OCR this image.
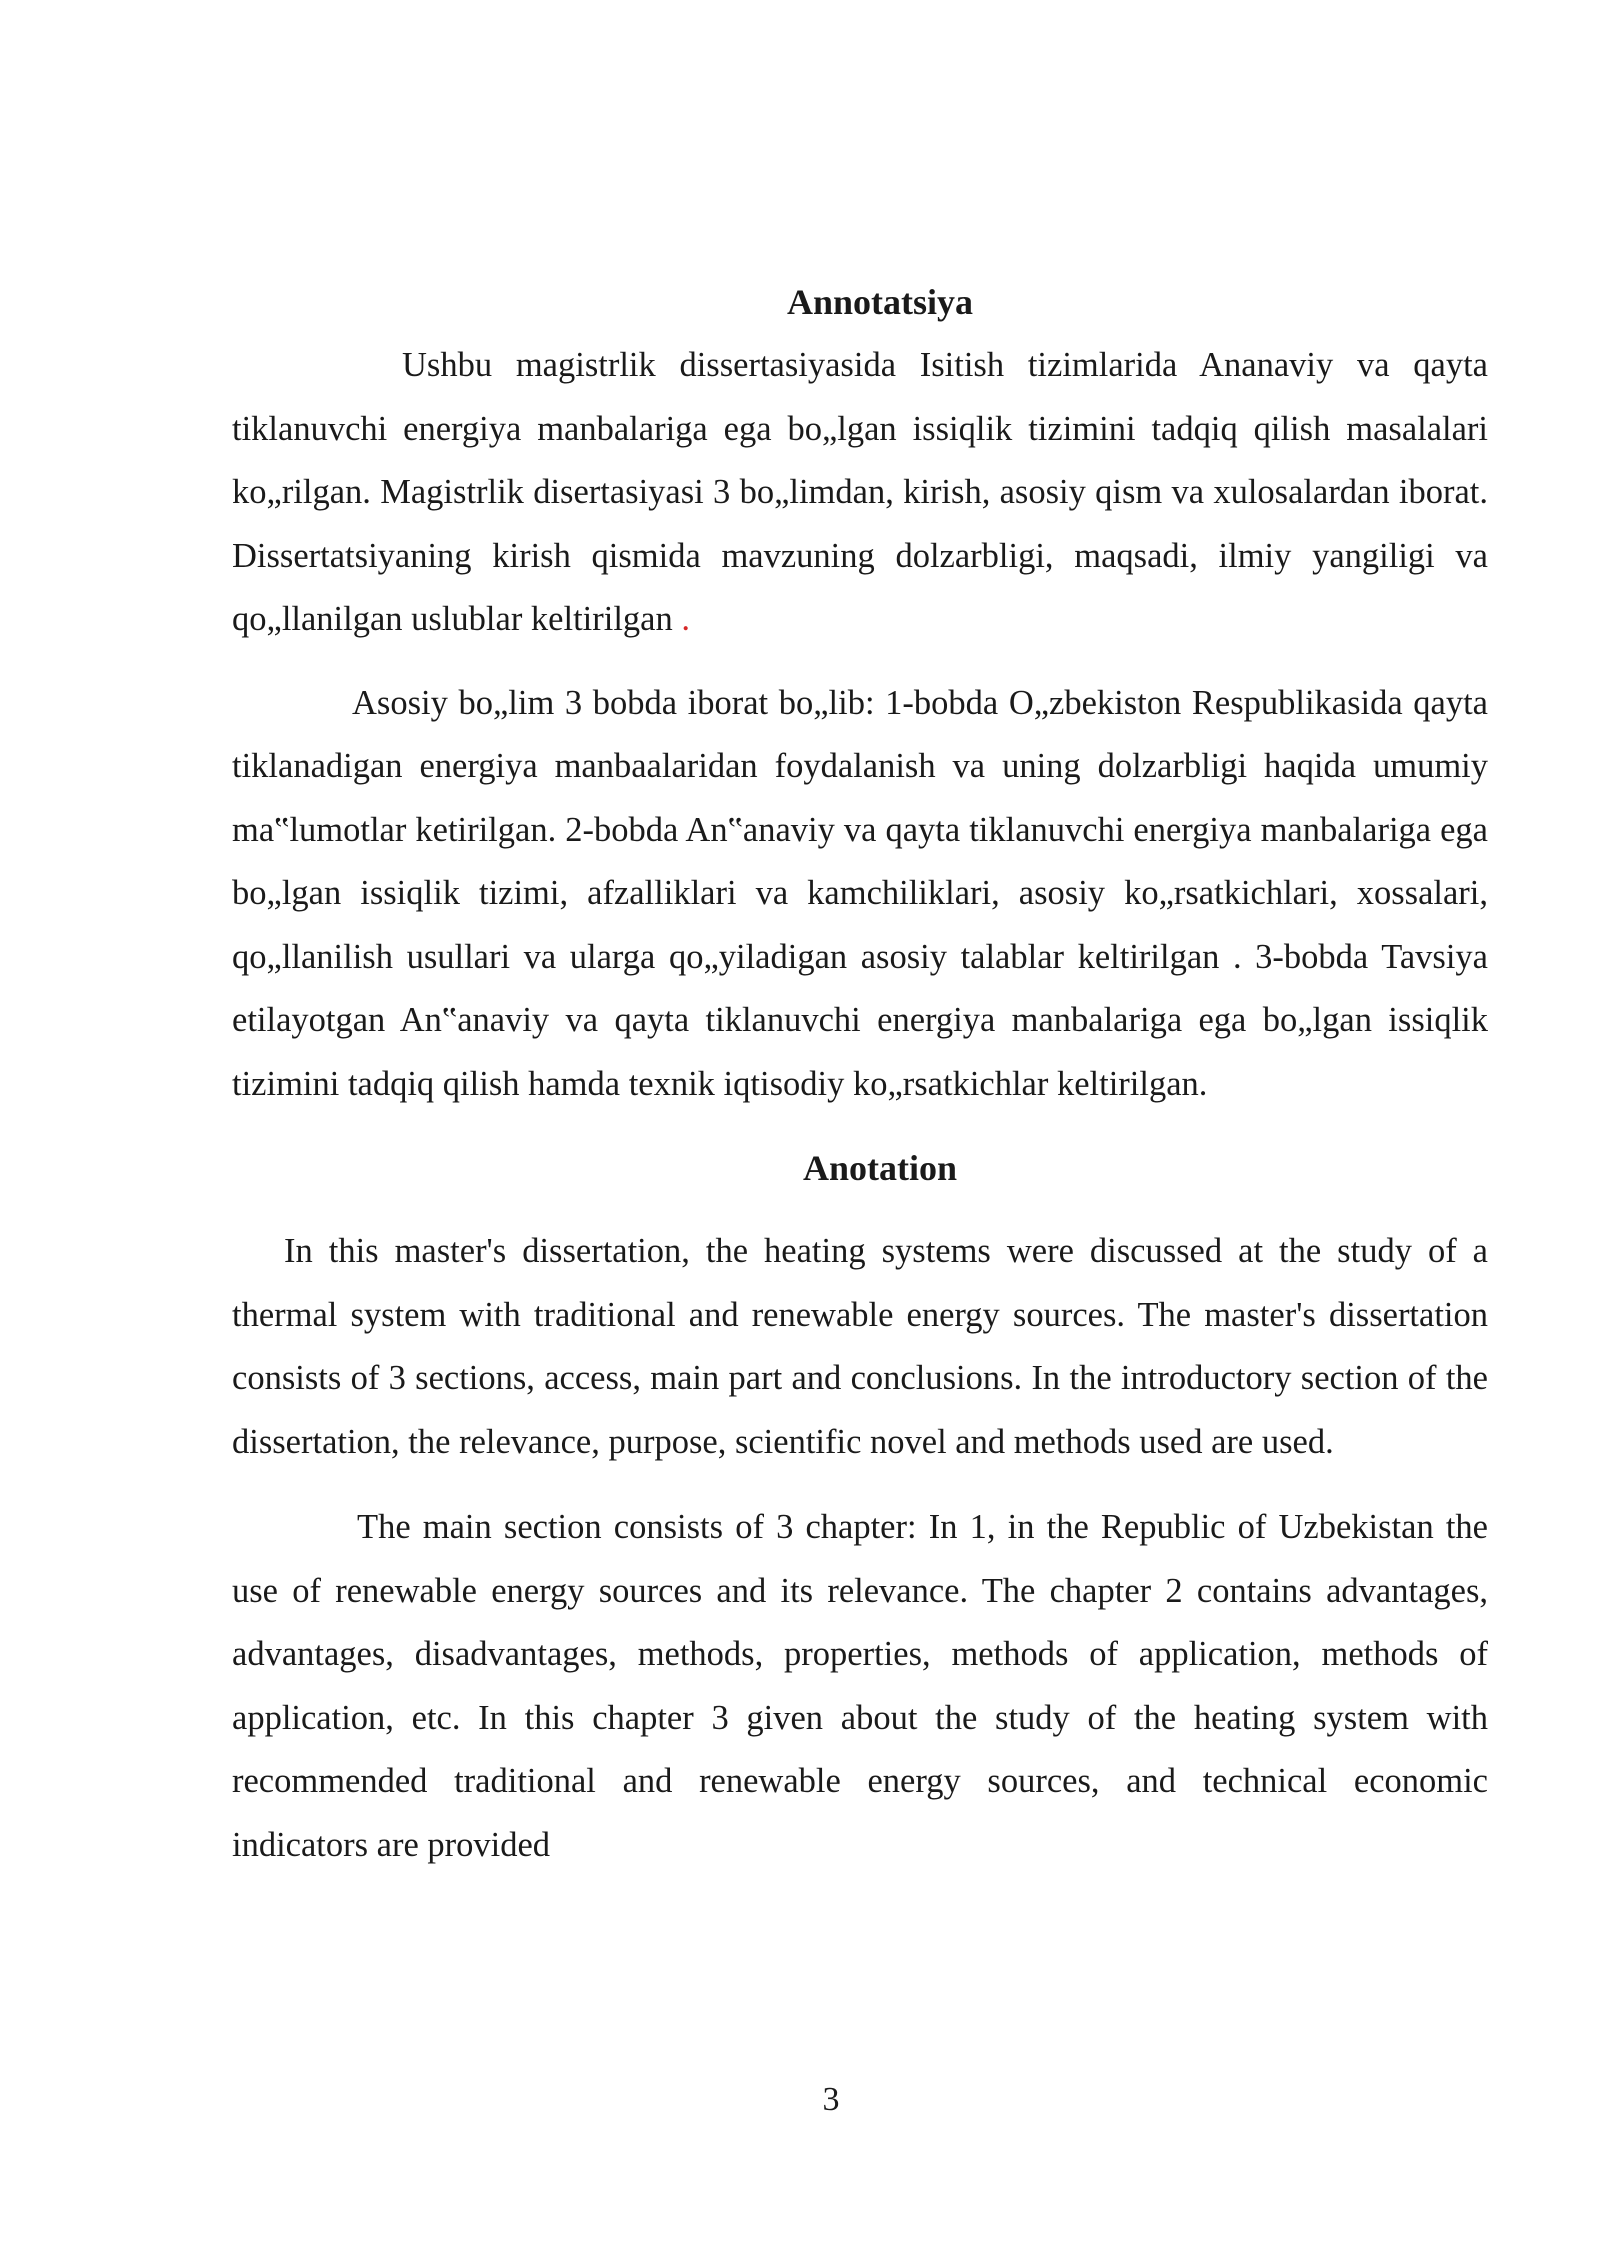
Annotatsiya

Ushbu magistrlik dissertasiyasida Isitish tizimlarida Ananaviy va qayta tiklanuvchi energiya manbalariga ega bo„lgan issiqlik tizimini tadqiq qilish masalalari ko„rilgan. Magistrlik disertasiyasi 3 bo„limdan, kirish, asosiy qism va xulosalardan iborat. Dissertatsiyaning kirish qismida mavzuning dolzarbligi, maqsadi, ilmiy yangiligi va qo„llanilgan uslublar keltirilgan .

Asosiy bo„lim 3 bobda iborat bo„lib: 1-bobda O„zbekiston Respublikasida qayta tiklanadigan energiya manbaalaridan foydalanish va uning dolzarbligi haqida umumiy ma‟lumotlar ketirilgan. 2-bobda An‟anaviy va qayta tiklanuvchi energiya manbalariga ega bo„lgan issiqlik tizimi, afzalliklari va kamchiliklari, asosiy ko„rsatkichlari, xossalari, qo„llanilish usullari va ularga qo„yiladigan asosiy talablar keltirilgan . 3-bobda Tavsiya etilayotgan An‟anaviy va qayta tiklanuvchi energiya manbalariga ega bo„lgan issiqlik tizimini tadqiq qilish hamda texnik iqtisodiy ko„rsatkichlar keltirilgan.

Anotation

In this master's dissertation, the heating systems were discussed at the study of a thermal system with traditional and renewable energy sources. The master's dissertation consists of 3 sections, access, main part and conclusions. In the introductory section of the dissertation, the relevance, purpose, scientific novel and methods used are used.

The main section consists of 3 chapter: In 1, in the Republic of Uzbekistan the use of renewable energy sources and its relevance. The chapter 2 contains advantages, advantages, disadvantages, methods, properties, methods of application, methods of application, etc. In this chapter 3 given about the study of the heating system with recommended traditional and renewable energy sources, and technical economic indicators are provided

3
